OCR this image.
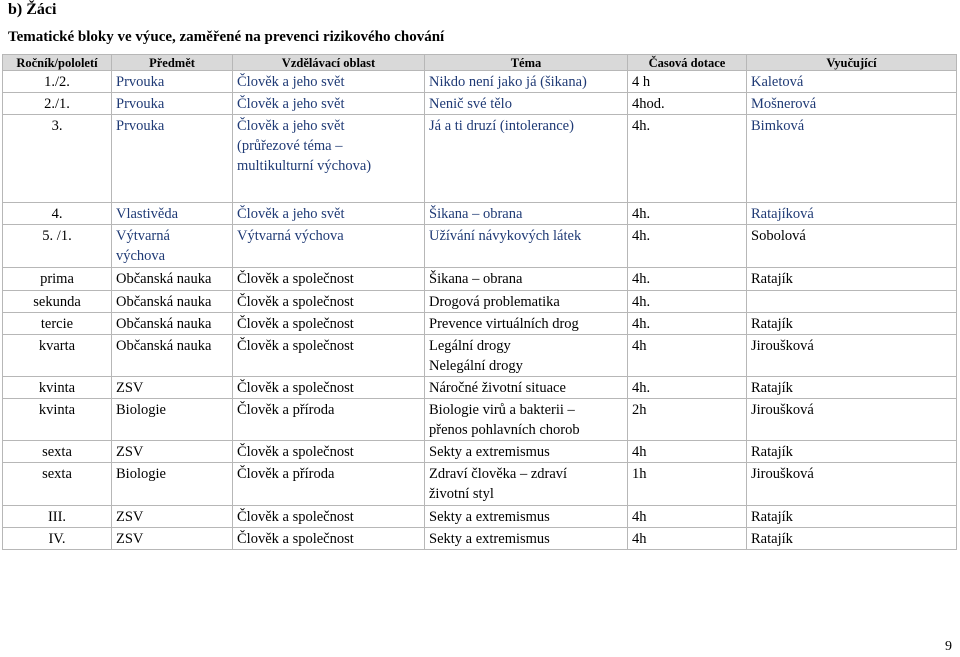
b) Žáci
Tematické bloky ve výuce, zaměřené na prevenci rizikového chování
Ročník/pololetí	Předmět	Vzdělávací oblast	Téma	Časová dotace	Vyučující
1./2.	Prvouka	Člověk a jeho svět	Nikdo není jako já (šikana)	4 h	Kaletová
2./1.	Prvouka	Člověk a jeho svět	Nenič své tělo	4hod.	Mošnerová
3.	Prvouka	Člověk a jeho svět
(průřezové téma –
multikulturní výchova)	Já a ti druzí (intolerance)	4h.	Bimková
4.	Vlastivěda	Člověk a jeho svět	Šikana – obrana	4h.	Ratajíková
5. /1.	Výtvarná
výchova	Výtvarná výchova	Užívání návykových látek	4h.	Sobolová
prima	Občanská nauka	Člověk a společnost	Šikana – obrana	4h.	Ratajík
sekunda	Občanská nauka	Člověk a společnost	Drogová problematika	4h.	
tercie	Občanská nauka	Člověk a společnost	Prevence virtuálních drog	4h.	Ratajík
kvarta	Občanská nauka	Člověk a společnost	Legální drogy
Nelegální drogy	4h	Jiroušková
kvinta	ZSV	Člověk a společnost	Náročné životní situace	4h.	Ratajík
kvinta	Biologie	Člověk a příroda	Biologie virů a bakterii –
přenos pohlavních chorob	2h	Jiroušková
sexta	ZSV	Člověk a společnost	Sekty a extremismus	4h	Ratajík
sexta	Biologie	Člověk a příroda	Zdraví člověka – zdraví
životní styl	1h	Jiroušková
III.	ZSV	Člověk a společnost	Sekty a extremismus	4h	Ratajík
IV.	ZSV	Člověk a společnost	Sekty a extremismus	4h	Ratajík
9
